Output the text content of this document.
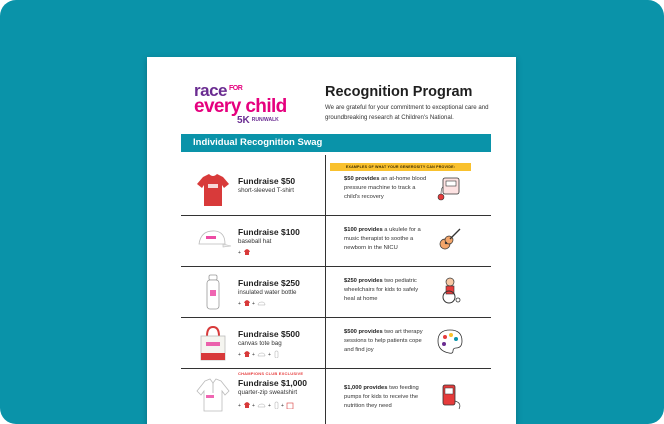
race $^{FOR}$
every child
5K $^{RUN/WALK}$
Recognition Program
We are grateful for your commitment to exceptional care and groundbreaking research at Children's National.
Individual Recognition Swag
EXAMPLES OF WHAT YOUR GENEROSITY CAN PROVIDE:
Fundraise $50
short-sleeved T-shirt
$50 provides an at-home blood pressure machine to track a child's recovery
+
Fundraise $100
baseball hat
$100 provides a ukulele for a music therapist to soothe a newborn in the NICU
+ +
Fundraise $250
insulated water bottle
$250 provides two pediatric wheelchairs for kids to safely heal at home
+ +	+
Fundraise $500
canvas tote bag
$500 provides two art therapy sessions to help patients cope and find joy
CHAMPIONS CLUB EXCLUSIVE
+ +	+ +
Fundraise $1,000
quarter-zip sweatshirt
$1,000 provides two feeding pumps for kids to receive the nutrition they need
